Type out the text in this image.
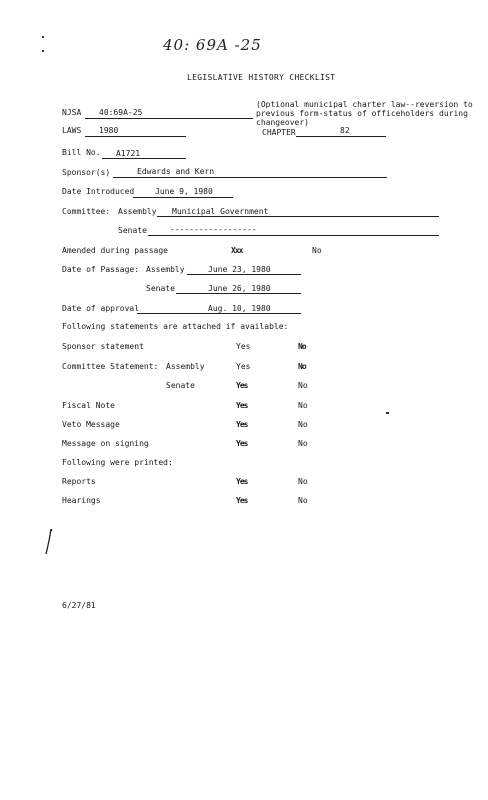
40: 69A -25
LEGISLATIVE HISTORY CHECKLIST
NJSA 40:69A-25
(Optional municipal charter law--reversion to previous form-status of officeholders during changeover)
LAWS 1980	CHAPTER	82
Bill No. A1721
Sponsor(s)	Edwards and Kern
Date Introduced	June 9, 1980
Committee: Assembly Municipal Government
Senate	------------------
Amended during passage	Xxx	No
Date of Passage: Assembly	June 23, 1980
Senate	June 26, 1980
Date of approval	Aug. 10, 1980
Following statements are attached if available:
Sponsor statement	Yes	No
Committee Statement: Assembly	Yes	No
Senate	Yes	No
Fiscal Note	Yes	No
Veto Message	Yes	No
Message on signing	Yes	No
Following were printed:
Reports	Yes	No
Hearings	Yes	No
6/27/81
